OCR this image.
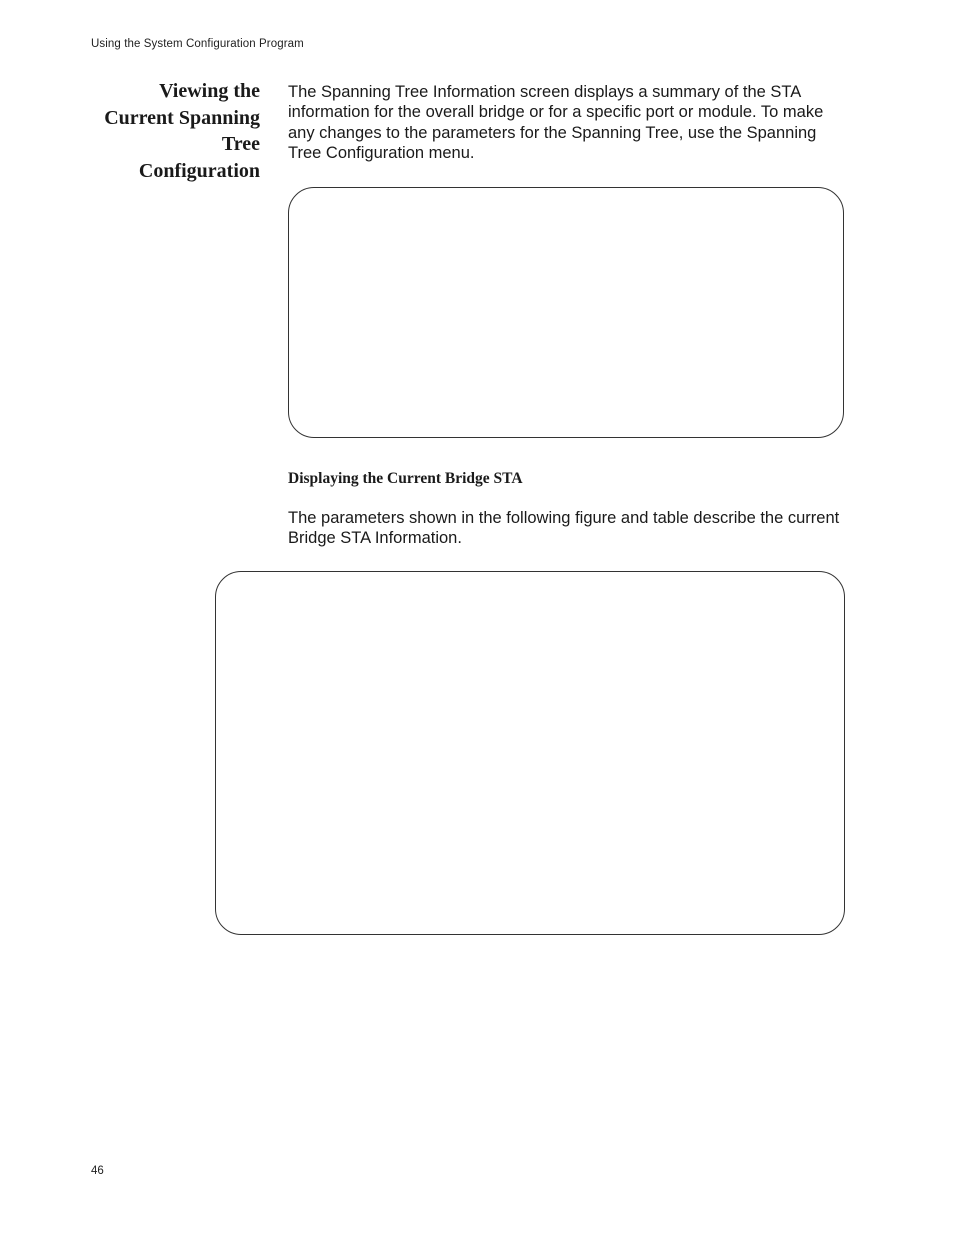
Using the System Configuration Program
Viewing the
Current Spanning
Tree
Configuration
The Spanning Tree Information screen displays a summary of the STA information for the overall bridge or for a specific port or module. To make any changes to the parameters for the Spanning Tree, use the Spanning Tree Configuration menu.
Displaying the Current Bridge STA
The parameters shown in the following figure and table describe the current Bridge STA Information.
46
